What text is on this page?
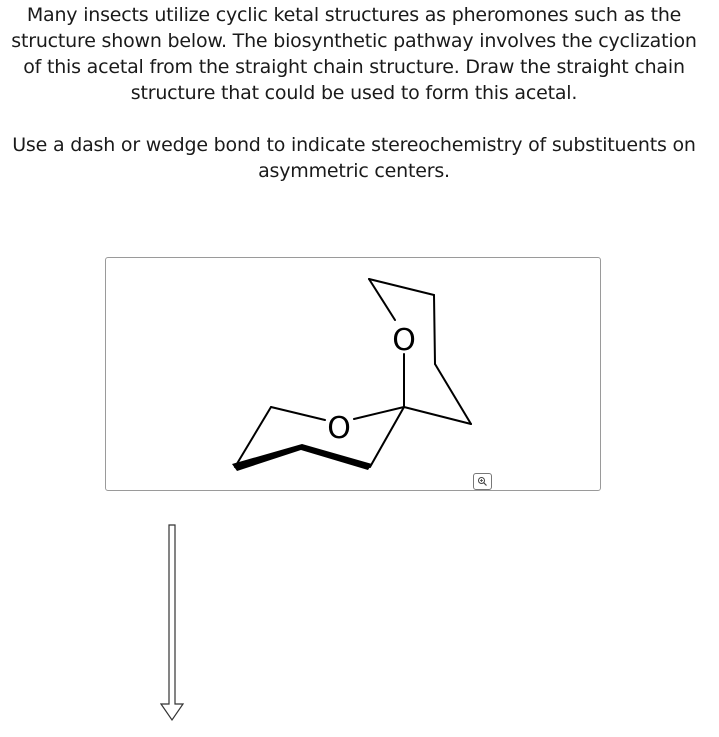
Many insects utilize cyclic ketal structures as pheromones such as the structure shown below. The biosynthetic pathway involves the cyclization of this acetal from the straight chain structure. Draw the straight chain structure that could be used to form this acetal.

Use a dash or wedge bond to indicate stereochemistry of substituents on asymmetric centers.

O
O
